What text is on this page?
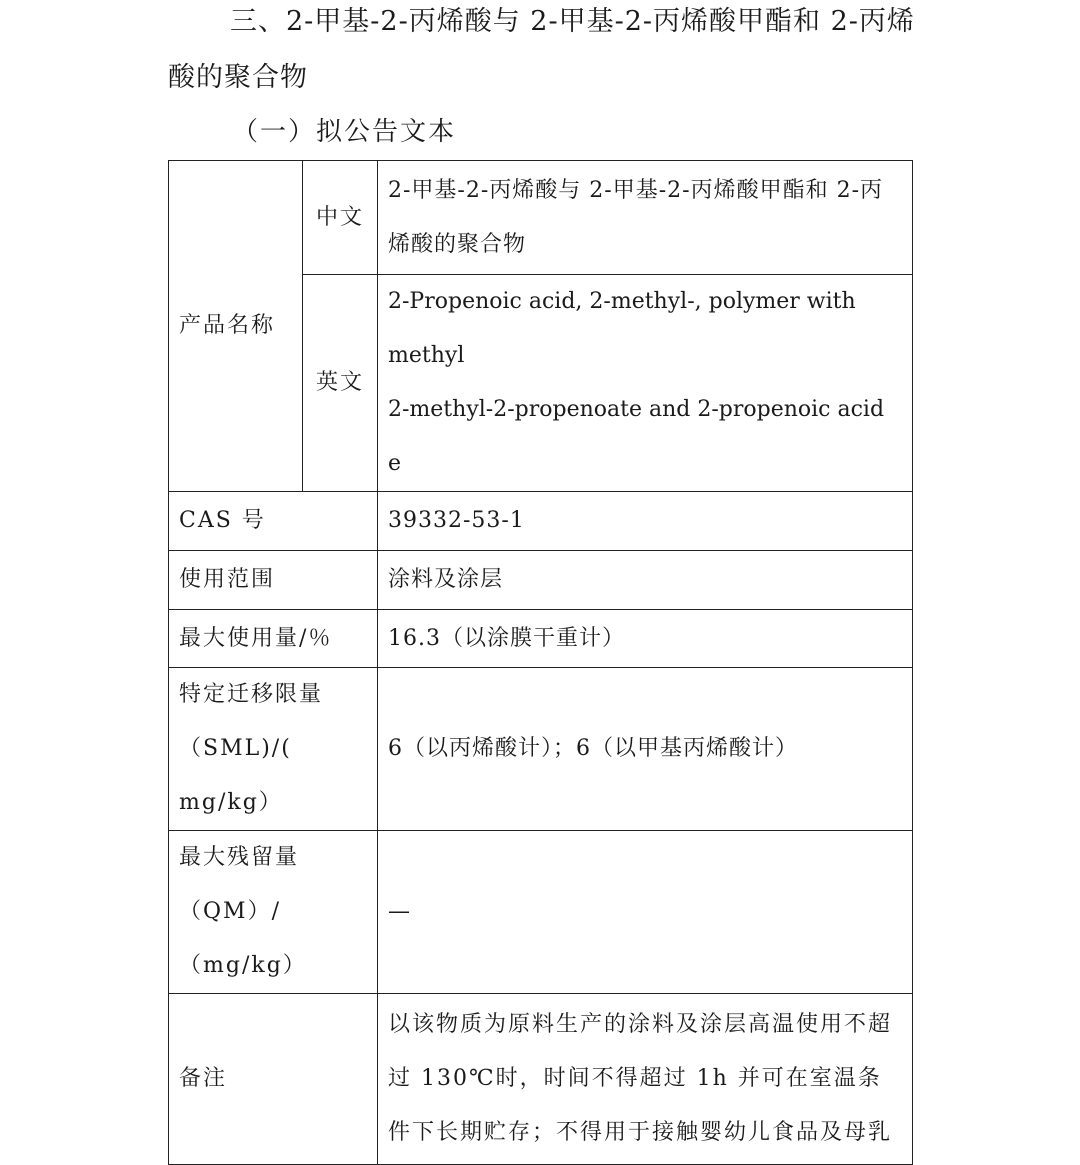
三、2-甲基-2-丙烯酸与 2-甲基-2-丙烯酸甲酯和 2-丙烯
酸的聚合物
（一）拟公告文本
产品名称	中文	2-甲基-2-丙烯酸与 2-甲基-2-丙烯酸甲酯和 2-丙烯酸的聚合物
	英文	2-Propenoic acid, 2-methyl-, polymer with methyl
2-methyl-2-propenoate and 2-propenoic acid e

CAS 号		39332-53-1
使用范围		涂料及涂层
最大使用量/％		16.3（以涂膜干重计）

特定迁移限量
（SML)/( mg/kg）		6（以丙烯酸计）；6（以甲基丙烯酸计）

最大残留量
（QM）/（mg/kg）		—
备注		以该物质为原料生产的涂料及涂层高温使用不超过 130℃时，时间不得超过 1h 并可在室温条件下长期贮存；不得用于接触婴幼儿食品及母乳
